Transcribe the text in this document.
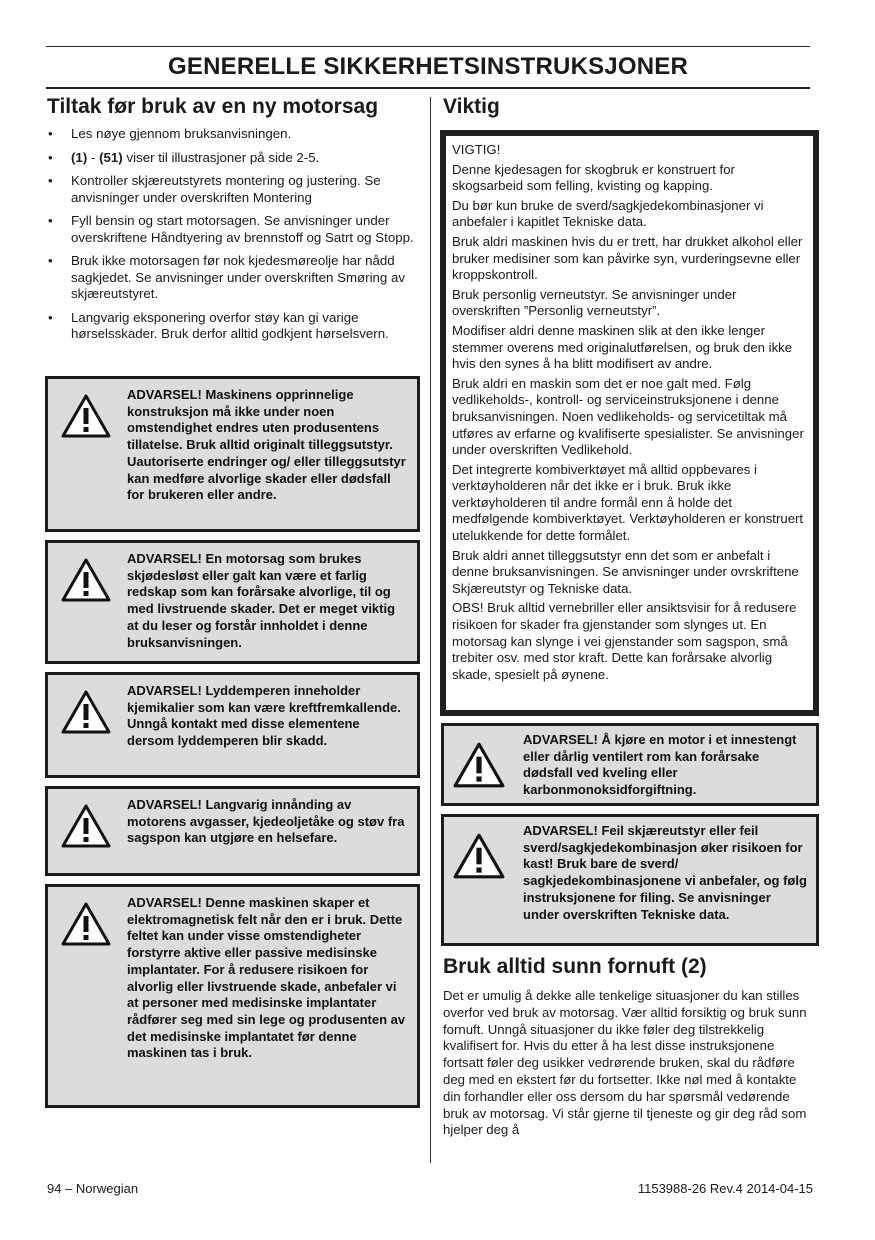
GENERELLE SIKKERHETSINSTRUKSJONER
Tiltak før bruk av en ny motorsag
• Les nøye gjennom bruksanvisningen.
• (1) - (51) viser til illustrasjoner på side 2-5.
• Kontroller skjæreutstyrets montering og justering. Se anvisninger under overskriften Montering
• Fyll bensin og start motorsagen. Se anvisninger under overskriftene Håndtyering av brennstoff og Satrt og Stopp.
• Bruk ikke motorsagen før nok kjedesmøreolje har nådd sagkjedet. Se anvisninger under overskriften Smøring av skjæreutstyret.
• Langvarig eksponering overfor støy kan gi varige hørselsskader. Bruk derfor alltid godkjent hørselsvern.
ADVARSEL! Maskinens opprinnelige konstruksjon må ikke under noen omstendighet endres uten produsentens tillatelse. Bruk alltid originalt tilleggsutstyr. Uautoriserte endringer og/ eller tilleggsutstyr kan medføre alvorlige skader eller dødsfall for brukeren eller andre.
ADVARSEL! En motorsag som brukes skjødesløst eller galt kan være et farlig redskap som kan forårsake alvorlige, til og med livstruende skader. Det er meget viktig at du leser og forstår innholdet i denne bruksanvisningen.
ADVARSEL! Lyddemperen inneholder kjemikalier som kan være kreftfremkallende. Unngå kontakt med disse elementene dersom lyddemperen blir skadd.
ADVARSEL! Langvarig innånding av motorens avgasser, kjedeoljetåke og støv fra sagspon kan utgjøre en helsefare.
ADVARSEL! Denne maskinen skaper et elektromagnetisk felt når den er i bruk. Dette feltet kan under visse omstendigheter forstyrre aktive eller passive medisinske implantater. For å redusere risikoen for alvorlig eller livstruende skade, anbefaler vi at personer med medisinske implantater rådfører seg med sin lege og produsenten av det medisinske implantatet før denne maskinen tas i bruk.
Viktig

VIGTIG!

Denne kjedesagen for skogbruk er konstruert for skogsarbeid som felling, kvisting og kapping.

Du bør kun bruke de sverd/sagkjedekombinasjoner vi anbefaler i kapitlet Tekniske data.

Bruk aldri maskinen hvis du er trett, har drukket alkohol eller bruker medisiner som kan påvirke syn, vurderingsevne eller kroppskontroll.

Bruk personlig verneutstyr. Se anvisninger under overskriften ”Personlig verneutstyr”.

Modifiser aldri denne maskinen slik at den ikke lenger stemmer overens med originalutførelsen, og bruk den ikke hvis den synes å ha blitt modifisert av andre.

Bruk aldri en maskin som det er noe galt med. Følg vedlikeholds-, kontroll- og serviceinstruksjonene i denne bruksanvisningen. Noen vedlikeholds- og servicetiltak må utføres av erfarne og kvalifiserte spesialister. Se anvisninger under overskriften Vedlikehold.

Det integrerte kombiverktøyet må alltid oppbevares i verktøyholderen når det ikke er i bruk. Bruk ikke verktøyholderen til andre formål enn å holde det medfølgende kombiverktøyet. Verktøyholderen er konstruert utelukkende for dette formålet.

Bruk aldri annet tilleggsutstyr enn det som er anbefalt i denne bruksanvisningen. Se anvisninger under ovrskriftene Skjæreutstyr og Tekniske data.

OBS! Bruk alltid vernebriller eller ansiktsvisir for å redusere risikoen for skader fra gjenstander som slynges ut. En motorsag kan slynge i vei gjenstander som sagspon, små trebiter osv. med stor kraft. Dette kan forårsake alvorlig skade, spesielt på øynene.

ADVARSEL! Å kjøre en motor i et innestengt eller dårlig ventilert rom kan forårsake dødsfall ved kveling eller karbonmonoksidforgiftning.
ADVARSEL! Feil skjæreutstyr eller feil sverd/sagkjedekombinasjon øker risikoen for kast! Bruk bare de sverd/ sagkjedekombinasjonene vi anbefaler, og følg instruksjonene for filing. Se anvisninger under overskriften Tekniske data.
Bruk alltid sunn fornuft (2)

Det er umulig å dekke alle tenkelige situasjoner du kan stilles overfor ved bruk av motorsag. Vær alltid forsiktig og bruk sunn fornuft. Unngå situasjoner du ikke føler deg tilstrekkelig kvalifisert for. Hvis du etter å ha lest disse instruksjonene fortsatt føler deg usikker vedrørende bruken, skal du rådføre deg med en ekstert før du fortsetter. Ikke nøl med å kontakte din forhandler eller oss dersom du har spørsmål vedørende bruk av motorsag. Vi står gjerne til tjeneste og gir deg råd som hjelper deg å

94 – Norwegian	1153988-26 Rev.4 2014-04-15
